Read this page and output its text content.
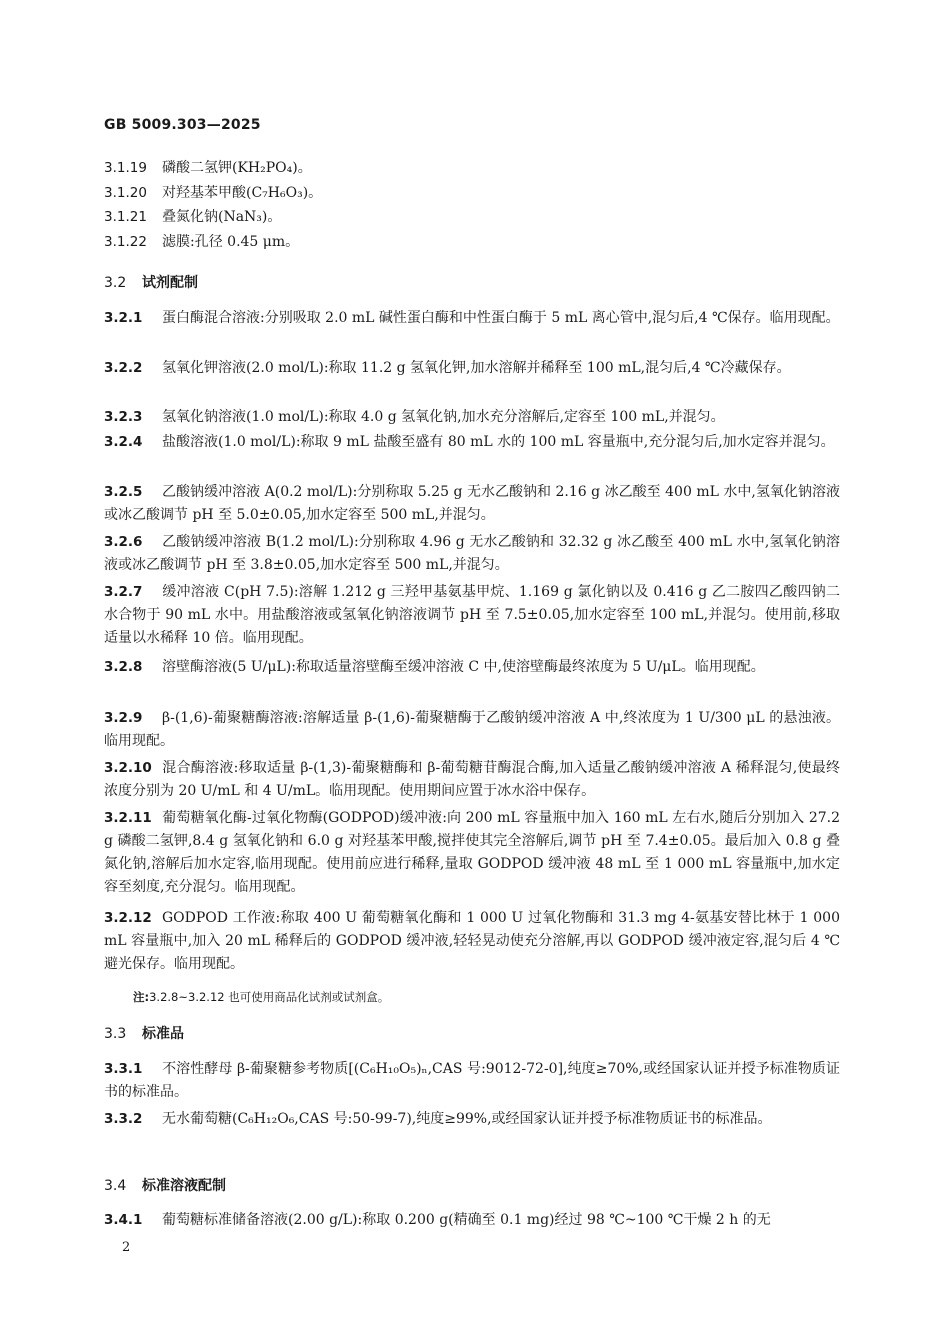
GB 5009.303—2025
3.1.19 磷酸二氢钾(KH₂PO₄)。
3.1.20 对羟基苯甲酸(C₇H₆O₃)。
3.1.21 叠氮化钠(NaN₃)。
3.1.22 滤膜:孔径 0.45 μm。
3.2 试剂配制
3.2.1 蛋白酶混合溶液:分别吸取 2.0 mL 碱性蛋白酶和中性蛋白酶于 5 mL 离心管中,混匀后,4 ℃保存。临用现配。
3.2.2 氢氧化钾溶液(2.0 mol/L):称取 11.2 g 氢氧化钾,加水溶解并稀释至 100 mL,混匀后,4 ℃冷藏保存。
3.2.3 氢氧化钠溶液(1.0 mol/L):称取 4.0 g 氢氧化钠,加水充分溶解后,定容至 100 mL,并混匀。
3.2.4 盐酸溶液(1.0 mol/L):称取 9 mL 盐酸至盛有 80 mL 水的 100 mL 容量瓶中,充分混匀后,加水定容并混匀。
3.2.5 乙酸钠缓冲溶液 A(0.2 mol/L):分别称取 5.25 g 无水乙酸钠和 2.16 g 冰乙酸至 400 mL 水中,氢氧化钠溶液或冰乙酸调节 pH 至 5.0±0.05,加水定容至 500 mL,并混匀。
3.2.6 乙酸钠缓冲溶液 B(1.2 mol/L):分别称取 4.96 g 无水乙酸钠和 32.32 g 冰乙酸至 400 mL 水中,氢氧化钠溶液或冰乙酸调节 pH 至 3.8±0.05,加水定容至 500 mL,并混匀。
3.2.7 缓冲溶液 C(pH 7.5):溶解 1.212 g 三羟甲基氨基甲烷、1.169 g 氯化钠以及 0.416 g 乙二胺四乙酸四钠二水合物于 90 mL 水中。用盐酸溶液或氢氧化钠溶液调节 pH 至 7.5±0.05,加水定容至 100 mL,并混匀。使用前,移取适量以水稀释 10 倍。临用现配。
3.2.8 溶壁酶溶液(5 U/μL):称取适量溶壁酶至缓冲溶液 C 中,使溶壁酶最终浓度为 5 U/μL。临用现配。
3.2.9 β-(1,6)-葡聚糖酶溶液:溶解适量 β-(1,6)-葡聚糖酶于乙酸钠缓冲溶液 A 中,终浓度为 1 U/300 μL 的悬浊液。临用现配。
3.2.10 混合酶溶液:移取适量 β-(1,3)-葡聚糖酶和 β-葡萄糖苷酶混合酶,加入适量乙酸钠缓冲溶液 A 稀释混匀,使最终浓度分别为 20 U/mL 和 4 U/mL。临用现配。使用期间应置于冰水浴中保存。
3.2.11 葡萄糖氧化酶-过氧化物酶(GODPOD)缓冲液:向 200 mL 容量瓶中加入 160 mL 左右水,随后分别加入 27.2 g 磷酸二氢钾,8.4 g 氢氧化钠和 6.0 g 对羟基苯甲酸,搅拌使其完全溶解后,调节 pH 至 7.4±0.05。最后加入 0.8 g 叠氮化钠,溶解后加水定容,临用现配。使用前应进行稀释,量取 GODPOD 缓冲液 48 mL 至 1 000 mL 容量瓶中,加水定容至刻度,充分混匀。临用现配。
3.2.12 GODPOD 工作液:称取 400 U 葡萄糖氧化酶和 1 000 U 过氧化物酶和 31.3 mg 4-氨基安替比林于 1 000 mL 容量瓶中,加入 20 mL 稀释后的 GODPOD 缓冲液,轻轻晃动使充分溶解,再以 GODPOD 缓冲液定容,混匀后 4 ℃避光保存。临用现配。
注:3.2.8~3.2.12 也可使用商品化试剂或试剂盒。
3.3 标准品
3.3.1 不溶性酵母 β-葡聚糖参考物质[(C₆H₁₀O₅)ₙ,CAS 号:9012-72-0],纯度≥70%,或经国家认证并授予标准物质证书的标准品。
3.3.2 无水葡萄糖(C₆H₁₂O₆,CAS 号:50-99-7),纯度≥99%,或经国家认证并授予标准物质证书的标准品。
3.4 标准溶液配制
3.4.1 葡萄糖标准储备溶液(2.00 g/L):称取 0.200 g(精确至 0.1 mg)经过 98 ℃~100 ℃干燥 2 h 的无
2
